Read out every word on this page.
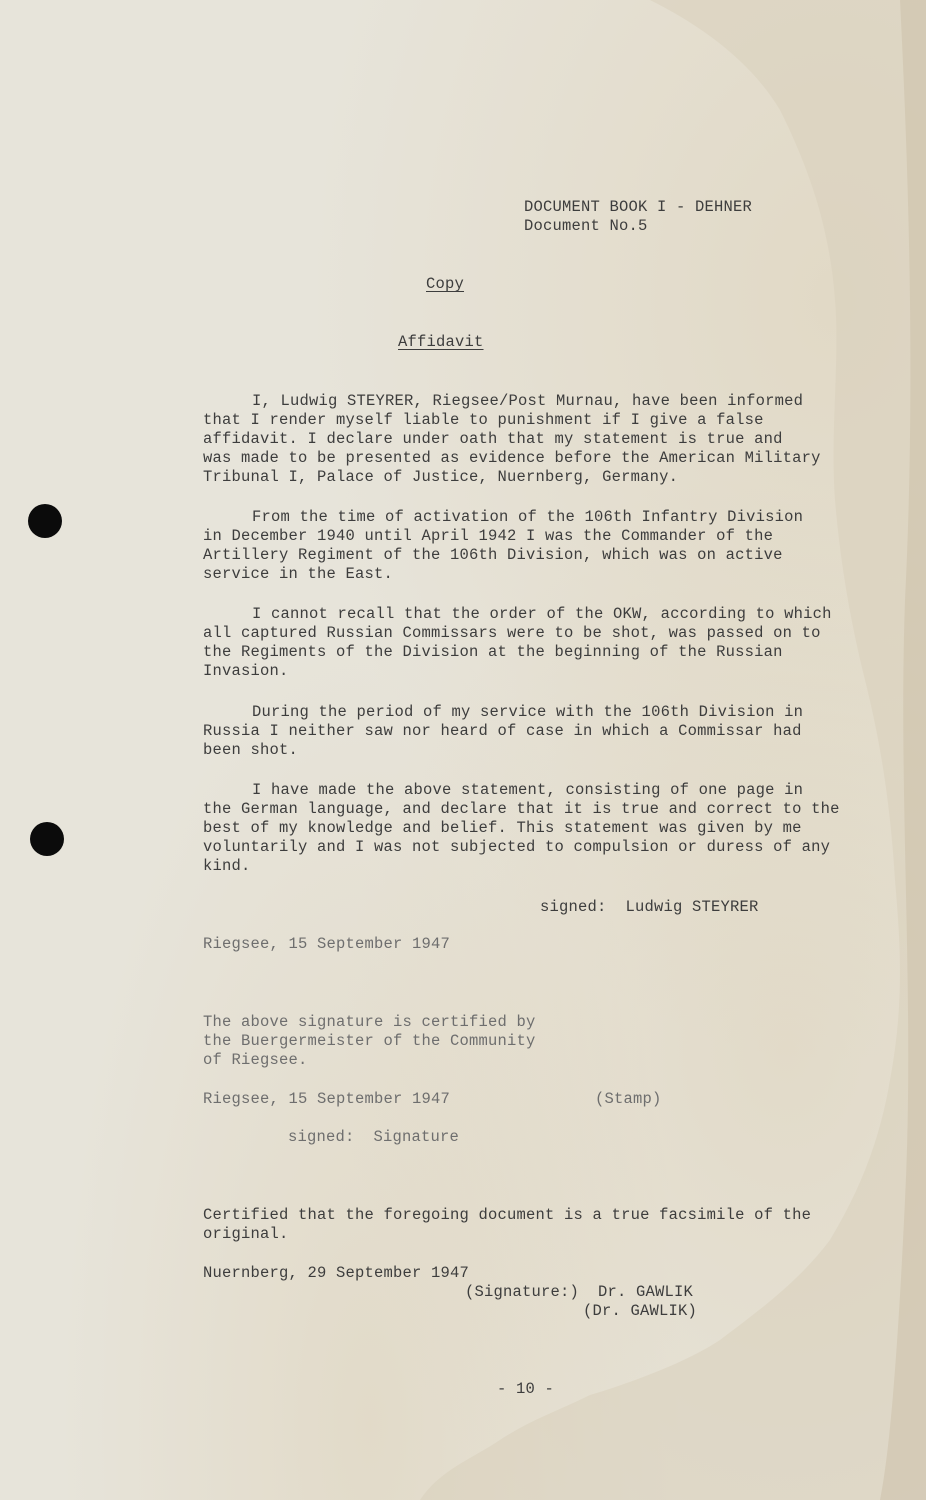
DOCUMENT BOOK I - DEHNER
Document No.5
Copy
Affidavit
I, Ludwig STEYRER, Riegsee/Post Murnau, have been informed
that I render myself liable to punishment if I give a false
affidavit. I declare under oath that my statement is true and
was made to be presented as evidence before the American Military
Tribunal I, Palace of Justice, Nuernberg, Germany.
From the time of activation of the 106th Infantry Division
in December 1940 until April 1942 I was the Commander of the
Artillery Regiment of the 106th Division, which was on active
service in the East.
I cannot recall that the order of the OKW, according to which
all captured Russian Commissars were to be shot, was passed on to
the Regiments of the Division at the beginning of the Russian
Invasion.
During the period of my service with the 106th Division in
Russia I neither saw nor heard of case in which a Commissar had
been shot.
I have made the above statement, consisting of one page in
the German language, and declare that it is true and correct to the
best of my knowledge and belief. This statement was given by me
voluntarily and I was not subjected to compulsion or duress of any
kind.
signed:  Ludwig STEYRER
Riegsee, 15 September 1947
The above signature is certified by
the Buergermeister of the Community
of Riegsee.
Riegsee, 15 September 1947	(Stamp)
signed:  Signature
Certified that the foregoing document is a true facsimile of the
original.
Nuernberg, 29 September 1947
(Signature:)  Dr. GAWLIK
(Dr. GAWLIK)
- 10 -
